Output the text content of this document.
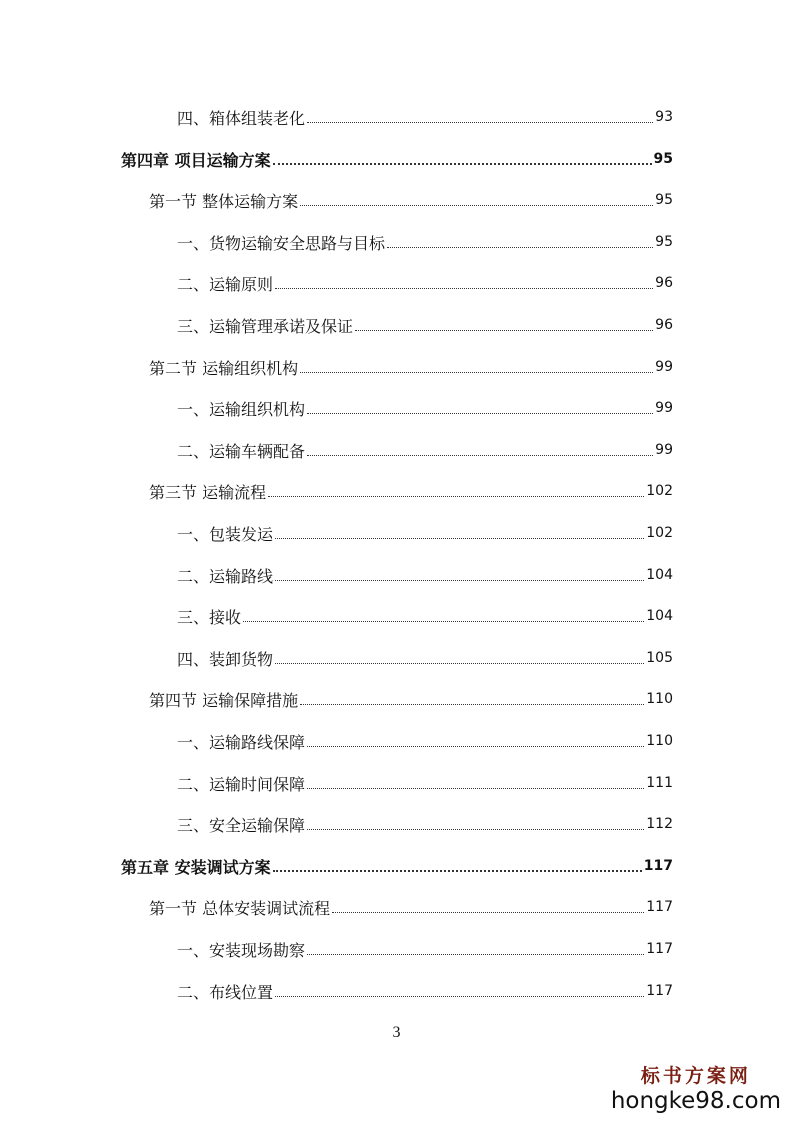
四、箱体组装老化	93
第四章 项目运输方案	95
第一节 整体运输方案	95
一、货物运输安全思路与目标	95
二、运输原则	96
三、运输管理承诺及保证	96
第二节 运输组织机构	99
一、运输组织机构	99
二、运输车辆配备	99
第三节 运输流程	102
一、包装发运	102
二、运输路线	104
三、接收	104
四、装卸货物	105
第四节 运输保障措施	110
一、运输路线保障	110
二、运输时间保障	111
三、安全运输保障	112
第五章 安装调试方案	117
第一节 总体安装调试流程	117
一、安装现场勘察	117
二、布线位置	117
3
标书方案网
hongke98.com
